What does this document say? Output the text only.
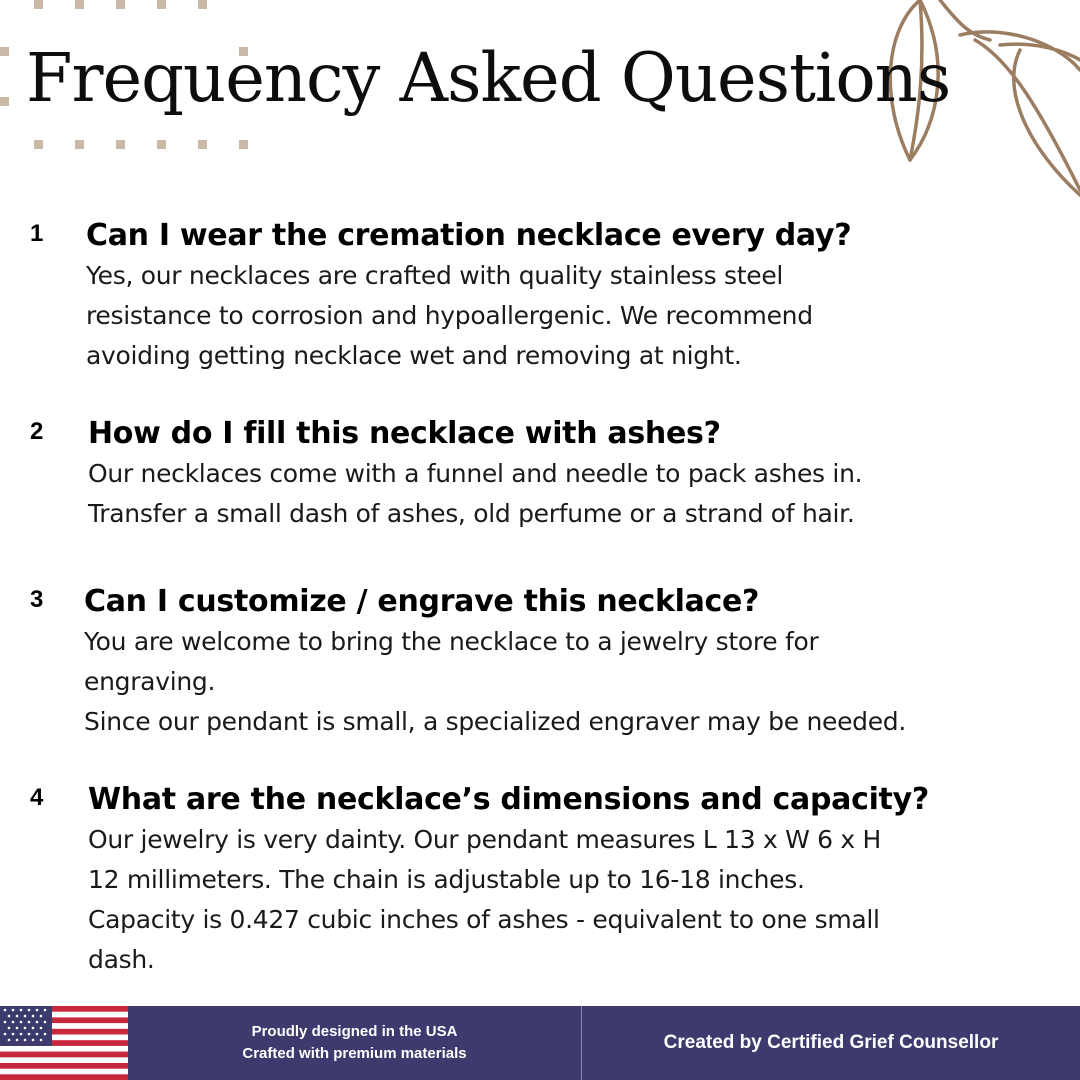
Frequency Asked Questions
1 Can I wear the cremation necklace every day?

Yes, our necklaces are crafted with quality stainless steel
resistance to corrosion and hypoallergenic. We recommend
avoiding getting necklace wet and removing at night.

2 How do I fill this necklace with ashes?

Our necklaces come with a funnel and needle to pack ashes in.
Transfer a small dash of ashes, old perfume or a strand of hair.

3 Can I customize / engrave this necklace?

You are welcome to bring the necklace to a jewelry store for
engraving.
Since our pendant is small, a specialized engraver may be needed.

4 What are the necklace’s dimensions and capacity?

Our jewelry is very dainty. Our pendant measures L 13 x W 6 x H
12 millimeters. The chain is adjustable up to 16-18 inches.
Capacity is 0.427 cubic inches of ashes - equivalent to one small
dash.

Proudly designed in the USA
Crafted with premium materials
Created by Certified Grief Counsellor
